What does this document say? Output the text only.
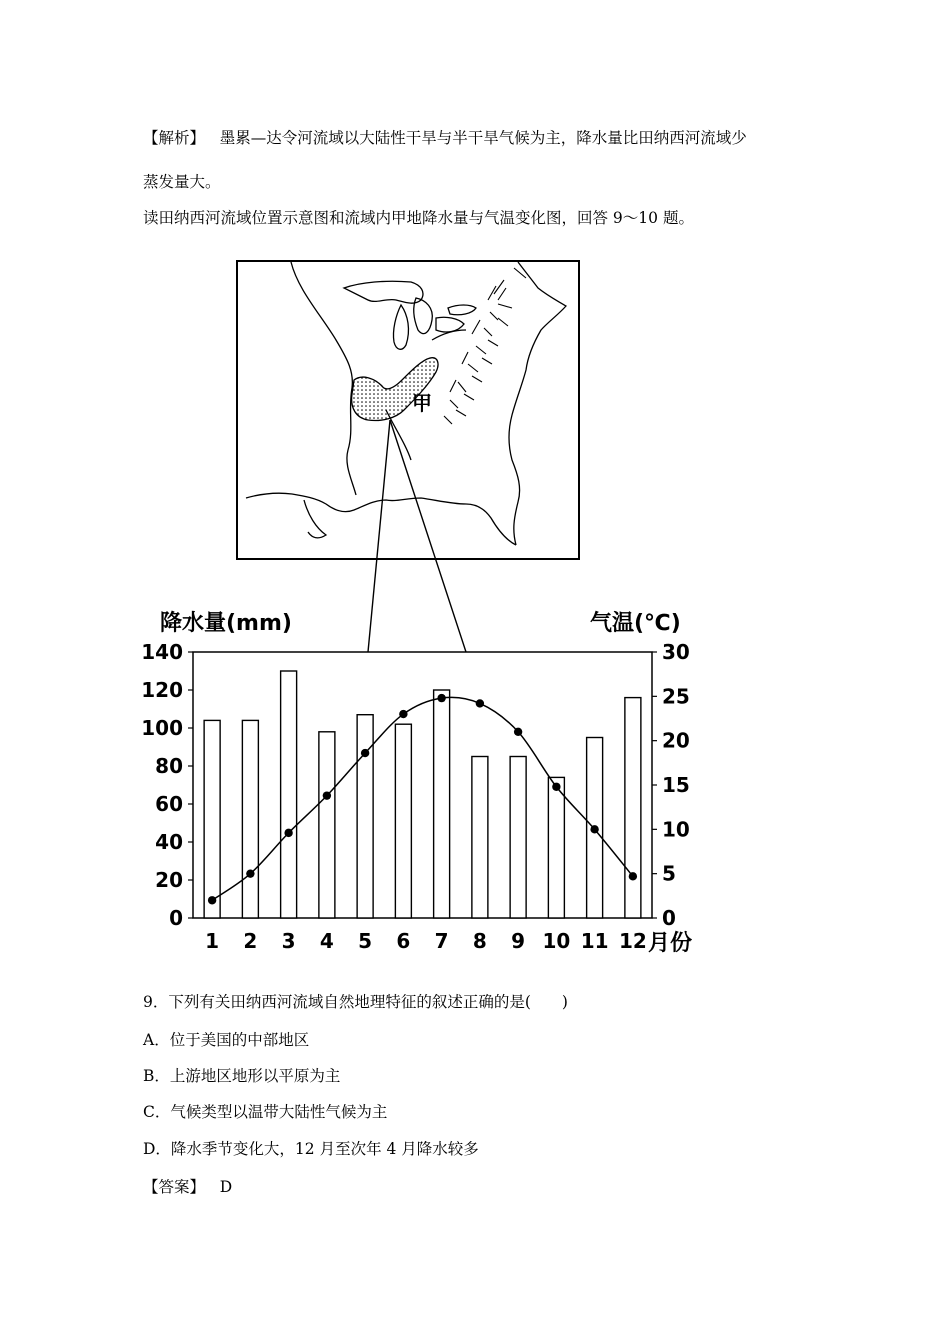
【解析】 墨累—达令河流域以大陆性干旱与半干旱气候为主，降水量比田纳西河流域少
蒸发量大。
读田纳西河流域位置示意图和流域内甲地降水量与气温变化图，回答 9～10 题。
甲
降水量(mm)	气温(℃)
140
120
100
80
60
40
20
0
30
25
20
15
10
5
0
1 2 3 4 5 6 7 8 9 10 11 12 月份
9．下列有关田纳西河流域自然地理特征的叙述正确的是(　　)
A．位于美国的中部地区
B．上游地区地形以平原为主
C．气候类型以温带大陆性气候为主
D．降水季节变化大，12 月至次年 4 月降水较多
【答案】 D
